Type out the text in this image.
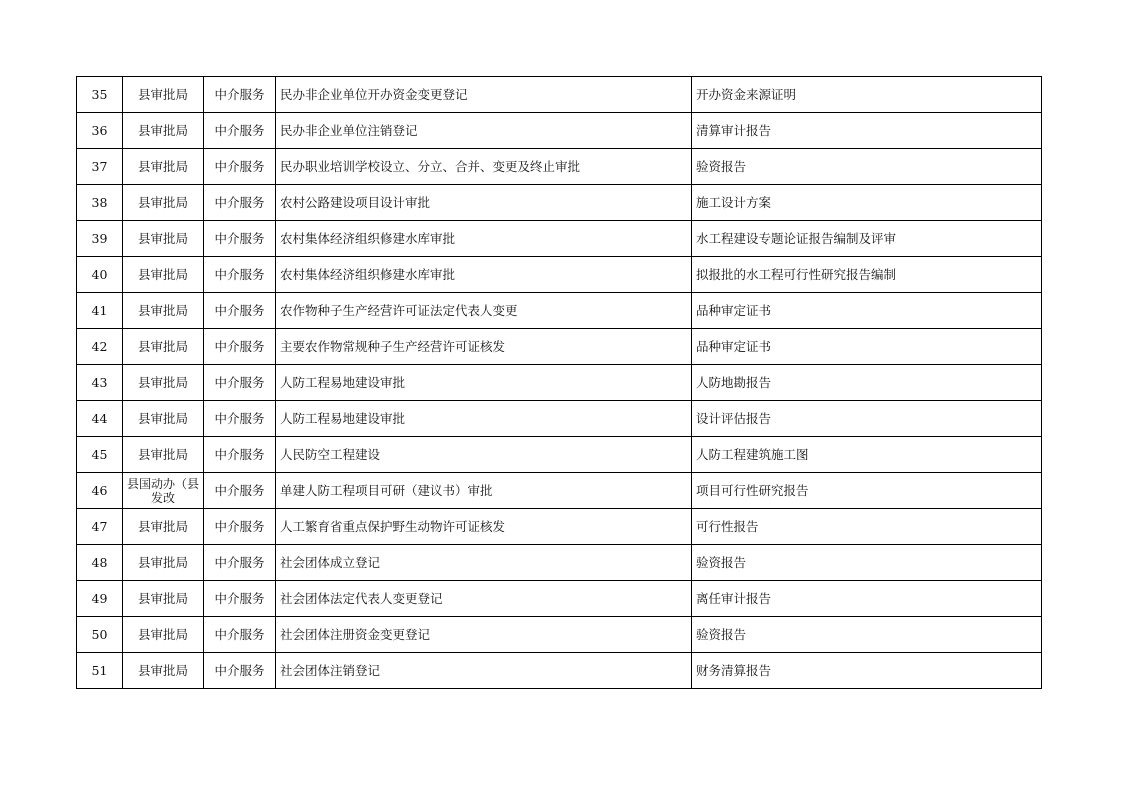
35	县审批局	中介服务	民办非企业单位开办资金变更登记	开办资金来源证明
36	县审批局	中介服务	民办非企业单位注销登记	清算审计报告
37	县审批局	中介服务	民办职业培训学校设立、分立、合并、变更及终止审批	验资报告
38	县审批局	中介服务	农村公路建设项目设计审批	施工设计方案
39	县审批局	中介服务	农村集体经济组织修建水库审批	水工程建设专题论证报告编制及评审
40	县审批局	中介服务	农村集体经济组织修建水库审批	拟报批的水工程可行性研究报告编制
41	县审批局	中介服务	农作物种子生产经营许可证法定代表人变更	品种审定证书
42	县审批局	中介服务	主要农作物常规种子生产经营许可证核发	品种审定证书
43	县审批局	中介服务	人防工程易地建设审批	人防地勘报告
44	县审批局	中介服务	人防工程易地建设审批	设计评估报告
45	县审批局	中介服务	人民防空工程建设	人防工程建筑施工图
46	县国动办（县发改	中介服务	单建人防工程项目可研（建议书）审批	项目可行性研究报告
47	县审批局	中介服务	人工繁育省重点保护野生动物许可证核发	可行性报告
48	县审批局	中介服务	社会团体成立登记	验资报告
49	县审批局	中介服务	社会团体法定代表人变更登记	离任审计报告
50	县审批局	中介服务	社会团体注册资金变更登记	验资报告
51	县审批局	中介服务	社会团体注销登记	财务清算报告
